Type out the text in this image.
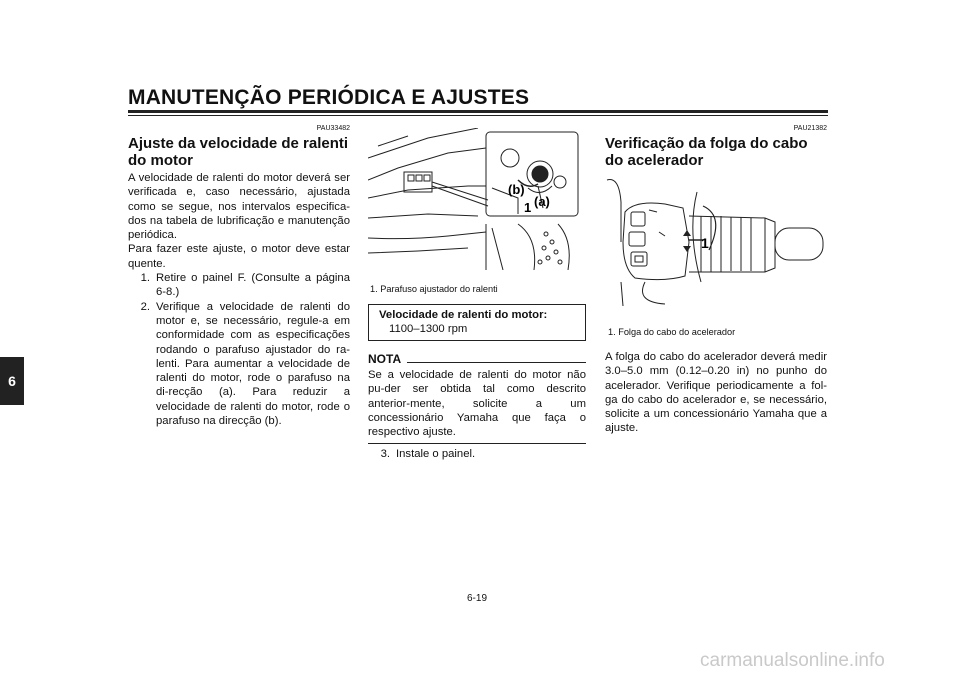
MANUTENÇÃO PERIÓDICA E AJUSTES
6
PAU33482
Ajuste da velocidade de ralenti do motor

A velocidade de ralenti do motor deverá ser verificada e, caso necessário, ajustada como se segue, nos intervalos especifica-dos na tabela de lubrificação e manutenção periódica.

Para fazer este ajuste, o motor deve estar quente.

1. Retire o painel F. (Consulte a página 6-8.)
2. Verifique a velocidade de ralenti do motor e, se necessário, regule-a em conformidade com as especificações rodando o parafuso ajustador do ra-lenti. Para aumentar a velocidade de ralenti do motor, rode o parafuso na di-recção (a). Para reduzir a velocidade de ralenti do motor, rode o parafuso na direcção (b).
(b)
(a)
1
1. Parafuso ajustador do ralenti
Velocidade de ralenti do motor:
1100–1300 rpm
NOTA
Se a velocidade de ralenti do motor não pu-der ser obtida tal como descrito anterior-mente, solicite a um concessionário Yamaha que faça o respectivo ajuste.
3. Instale o painel.
PAU21382
Verificação da folga do cabo do acelerador
1
1. Folga do cabo do acelerador

A folga do cabo do acelerador deverá medir 3.0–5.0 mm (0.12–0.20 in) no punho do acelerador. Verifique periodicamente a fol-ga do cabo do acelerador e, se necessário, solicite a um concessionário Yamaha que a ajuste.

6-19
carmanualsonline.info
